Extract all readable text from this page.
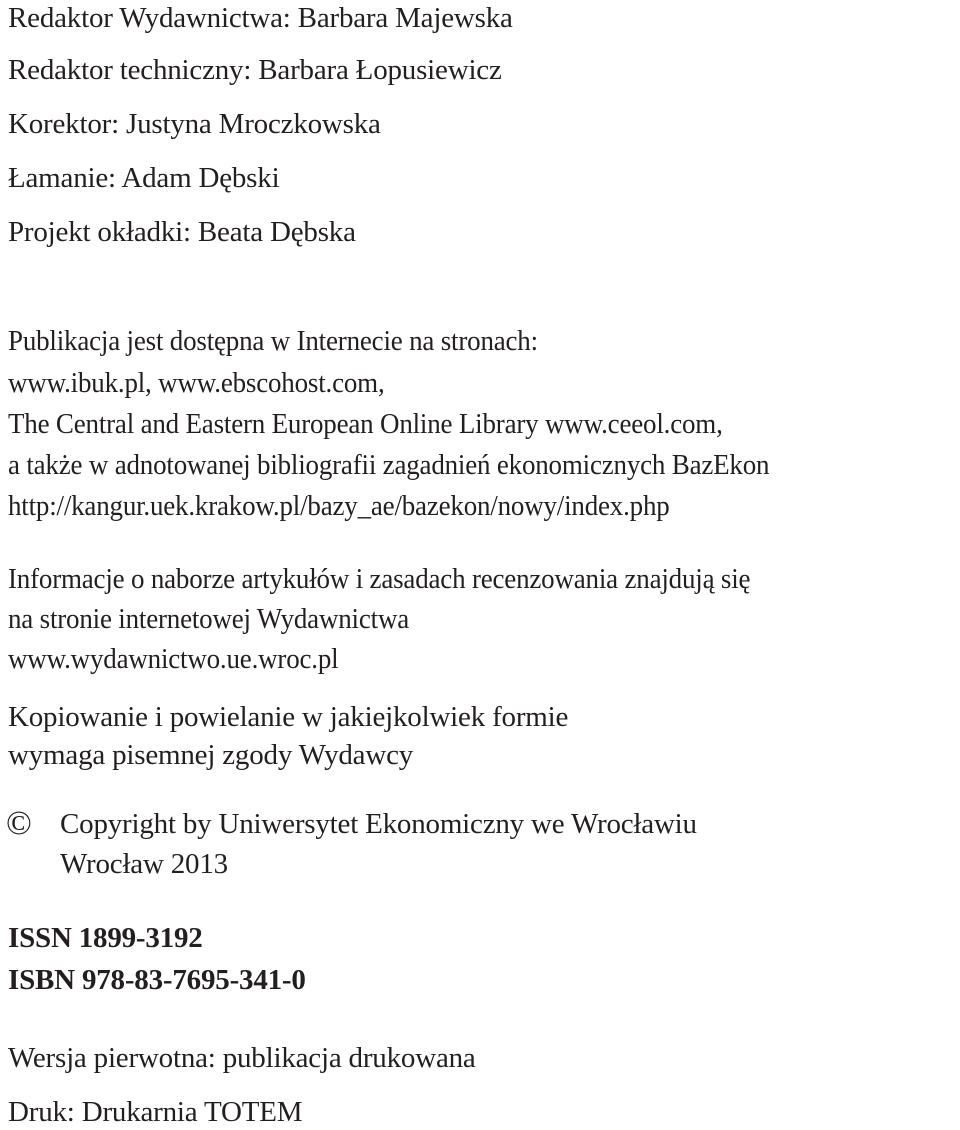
Redaktor Wydawnictwa: Barbara Majewska
Redaktor techniczny: Barbara Łopusiewicz
Korektor: Justyna Mroczkowska
Łamanie: Adam Dębski
Projekt okładki: Beata Dębska
Publikacja jest dostępna w Internecie na stronach:
www.ibuk.pl, www.ebscohost.com,
The Central and Eastern European Online Library www.ceeol.com,
a także w adnotowanej bibliografii zagadnień ekonomicznych BazEkon
http://kangur.uek.krakow.pl/bazy_ae/bazekon/nowy/index.php
Informacje o naborze artykułów i zasadach recenzowania znajdują się
na stronie internetowej Wydawnictwa
www.wydawnictwo.ue.wroc.pl
Kopiowanie i powielanie w jakiejkolwiek formie
wymaga pisemnej zgody Wydawcy
© Copyright by Uniwersytet Ekonomiczny we Wrocławiu
Wrocław 2013
ISSN 1899-3192
ISBN 978-83-7695-341-0
Wersja pierwotna: publikacja drukowana
Druk: Drukarnia TOTEM
